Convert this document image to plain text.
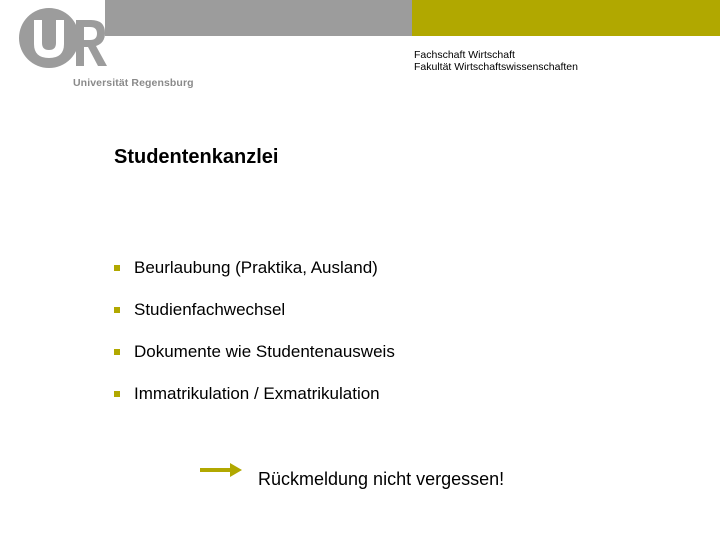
Universität Regensburg
Fachschaft Wirtschaft
Fakultät Wirtschaftswissenschaften
Studentenkanzlei
Beurlaubung (Praktika, Ausland)
Studienfachwechsel
Dokumente wie Studentenausweis
Immatrikulation / Exmatrikulation
Rückmeldung nicht vergessen!
